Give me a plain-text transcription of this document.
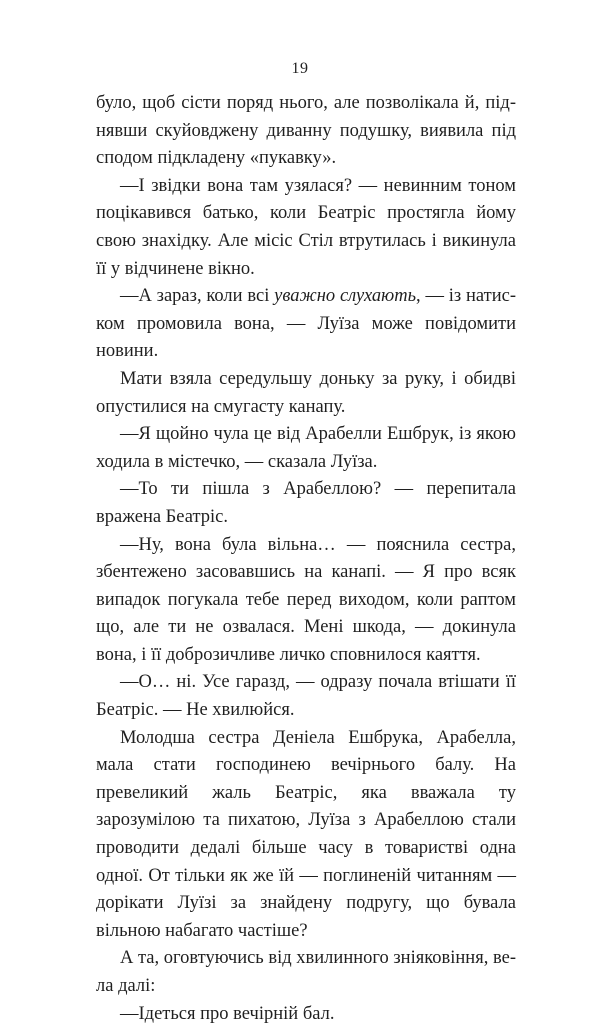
19

було, щоб сісти поряд нього, але позволікала й, піднявши скуйовджену диванну подушку, виявила під сподом підкладену «пукавку».

—І звідки вона там узялася? — невинним тоном поцікавився батько, коли Беатріс простягла йому свою знахідку. Але місіс Стіл втрутилась і викинула її у відчинене вікно.

—А зараз, коли всі уважно слухають, — із натиском промовила вона, — Луїза може повідомити новини.

Мати взяла середульшу доньку за руку, і обидві опустилися на смугасту канапу.

—Я щойно чула це від Арабелли Ешбрук, із якою ходила в містечко, — сказала Луїза.

—То ти пішла з Арабеллою? — перепитала вражена Беатріс.

—Ну, вона була вільна… — пояснила сестра, збентежено засовавшись на канапі. — Я про всяк випадок погукала тебе перед виходом, коли раптом що, але ти не озвалася. Мені шкода, — докинула вона, і її доброзичливе личко сповнилося каяття.

—О… ні. Усе гаразд, — одразу почала втішати її Беатріс. — Не хвилюйся.

Молодша сестра Деніела Ешбрука, Арабелла, мала стати господинею вечірнього балу. На превеликий жаль Беатріс, яка вважала ту зарозумілою та пихатою, Луїза з Арабеллою стали проводити дедалі більше часу в товаристві одна одної. От тільки як же їй — поглиненій читанням — дорікати Луїзі за знайдену подругу, що бувала вільною набагато частіше?

А та, оговтуючись від хвилинного зніяковіння, вела далі:

—Ідеться про вечірній бал.
